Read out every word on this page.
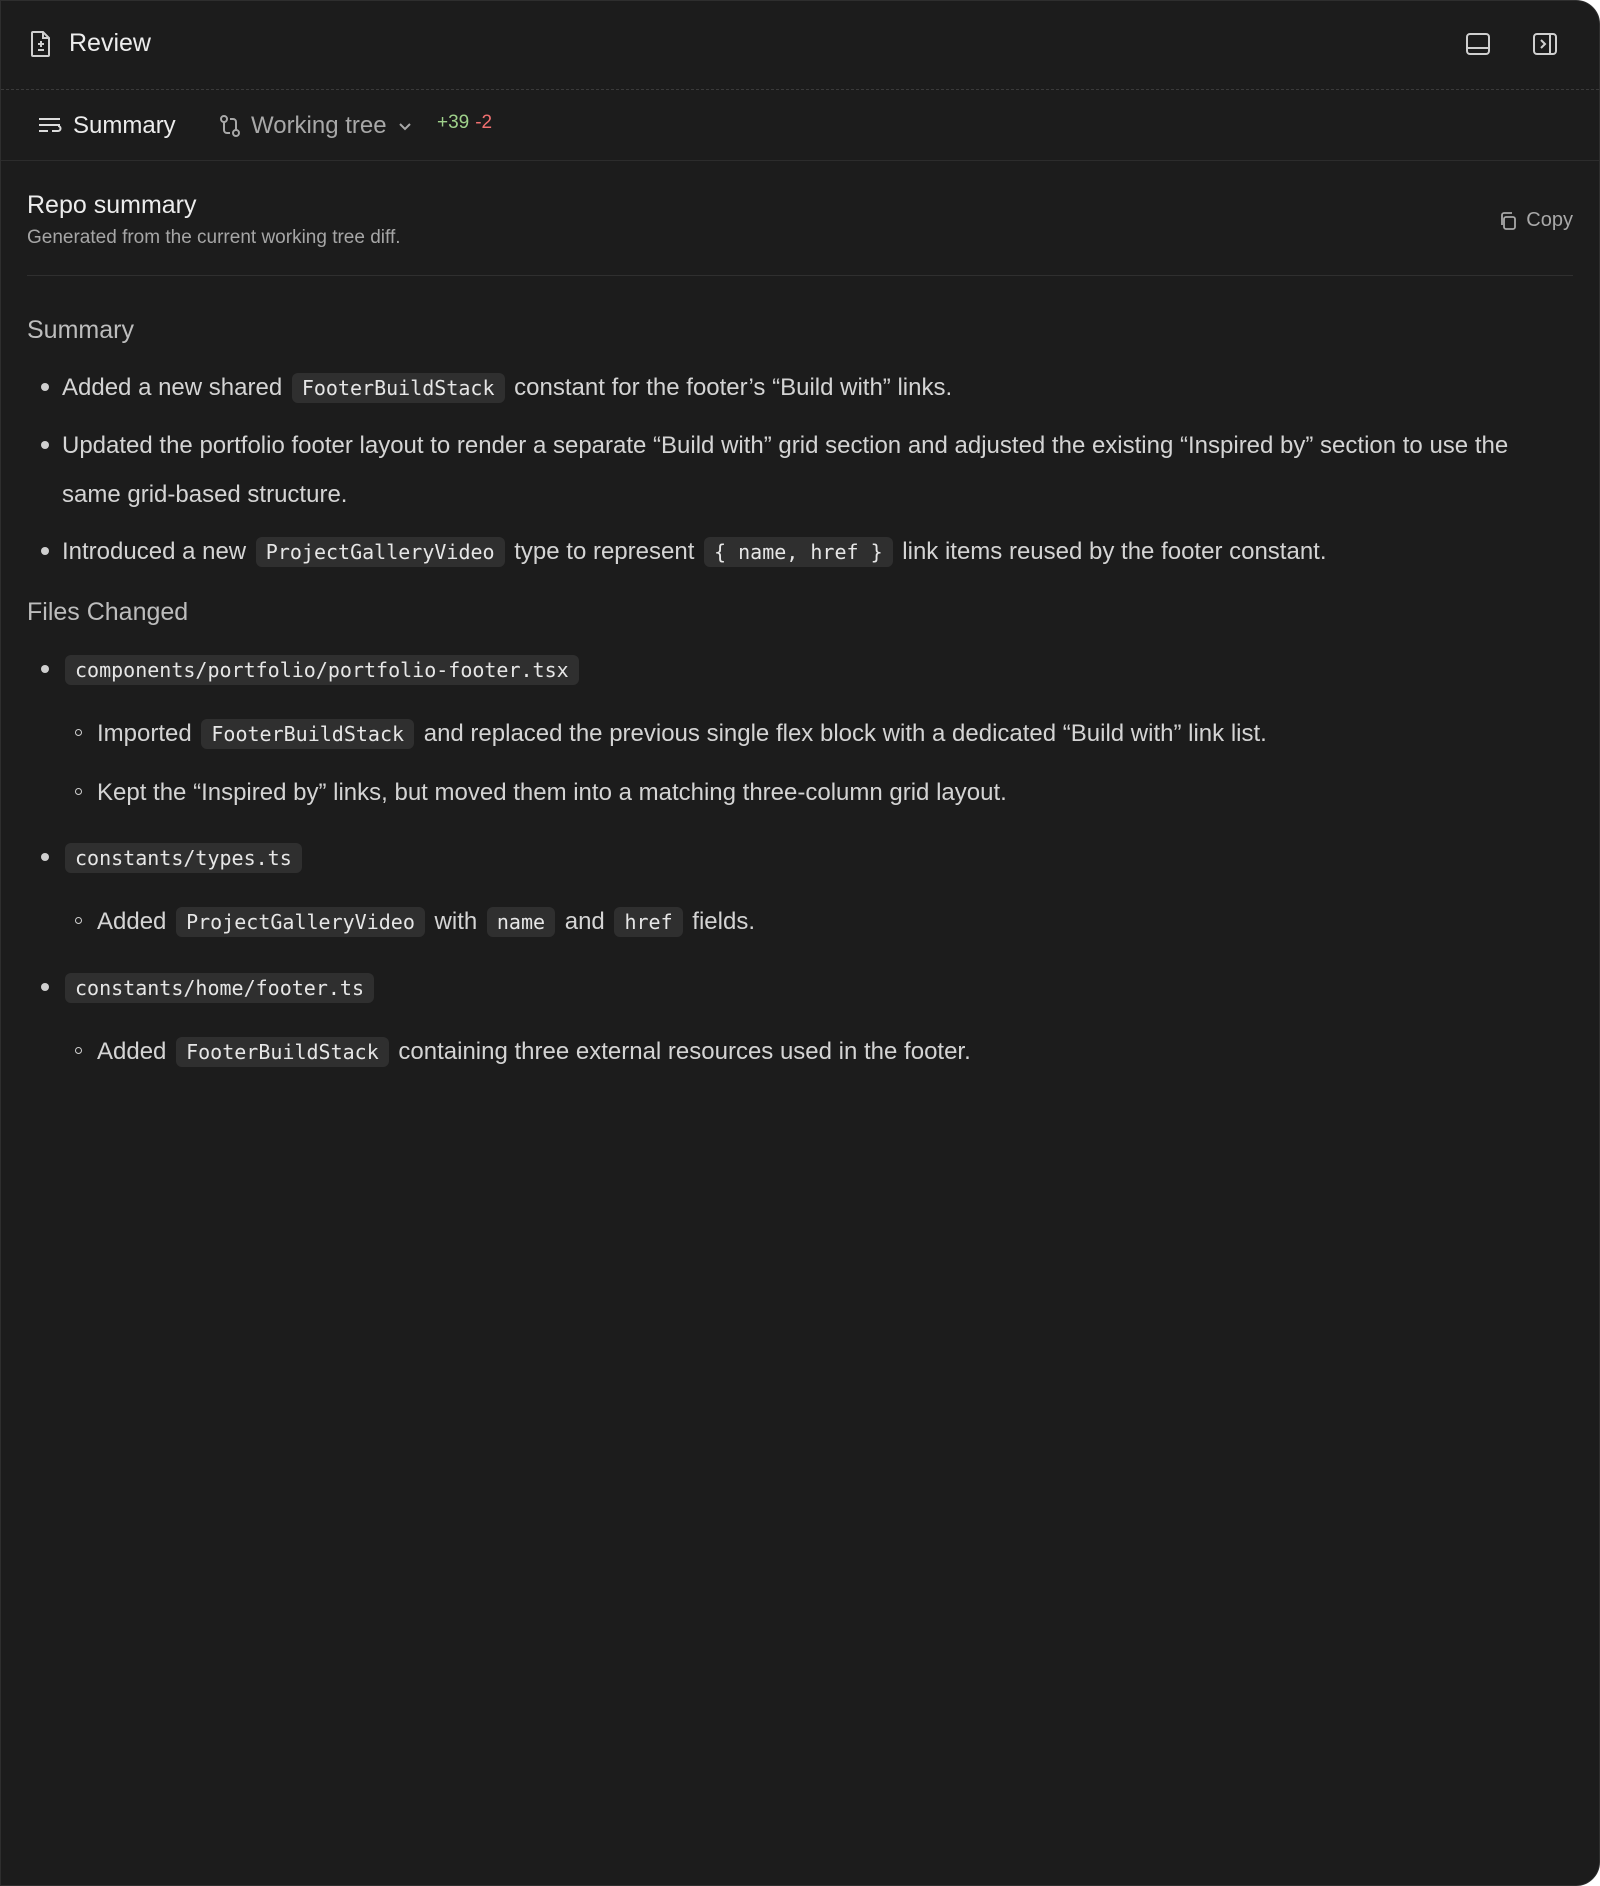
Review
Summary	Working tree	+39 -2
Repo summary
Generated from the current working tree diff.
Copy

Summary

Added a new shared FooterBuildStack constant for the footer’s “Build with” links.
Updated the portfolio footer layout to render a separate “Build with” grid section and adjusted the existing “Inspired by” section to use the same grid-based structure.
Introduced a new ProjectGalleryVideo type to represent { name, href } link items reused by the footer constant.

Files Changed

components/portfolio/portfolio-footer.tsx
Imported FooterBuildStack and replaced the previous single flex block with a dedicated “Build with” link list.
Kept the “Inspired by” links, but moved them into a matching three-column grid layout.
constants/types.ts
Added ProjectGalleryVideo with name and href fields.
constants/home/footer.ts
Added FooterBuildStack containing three external resources used in the footer.
